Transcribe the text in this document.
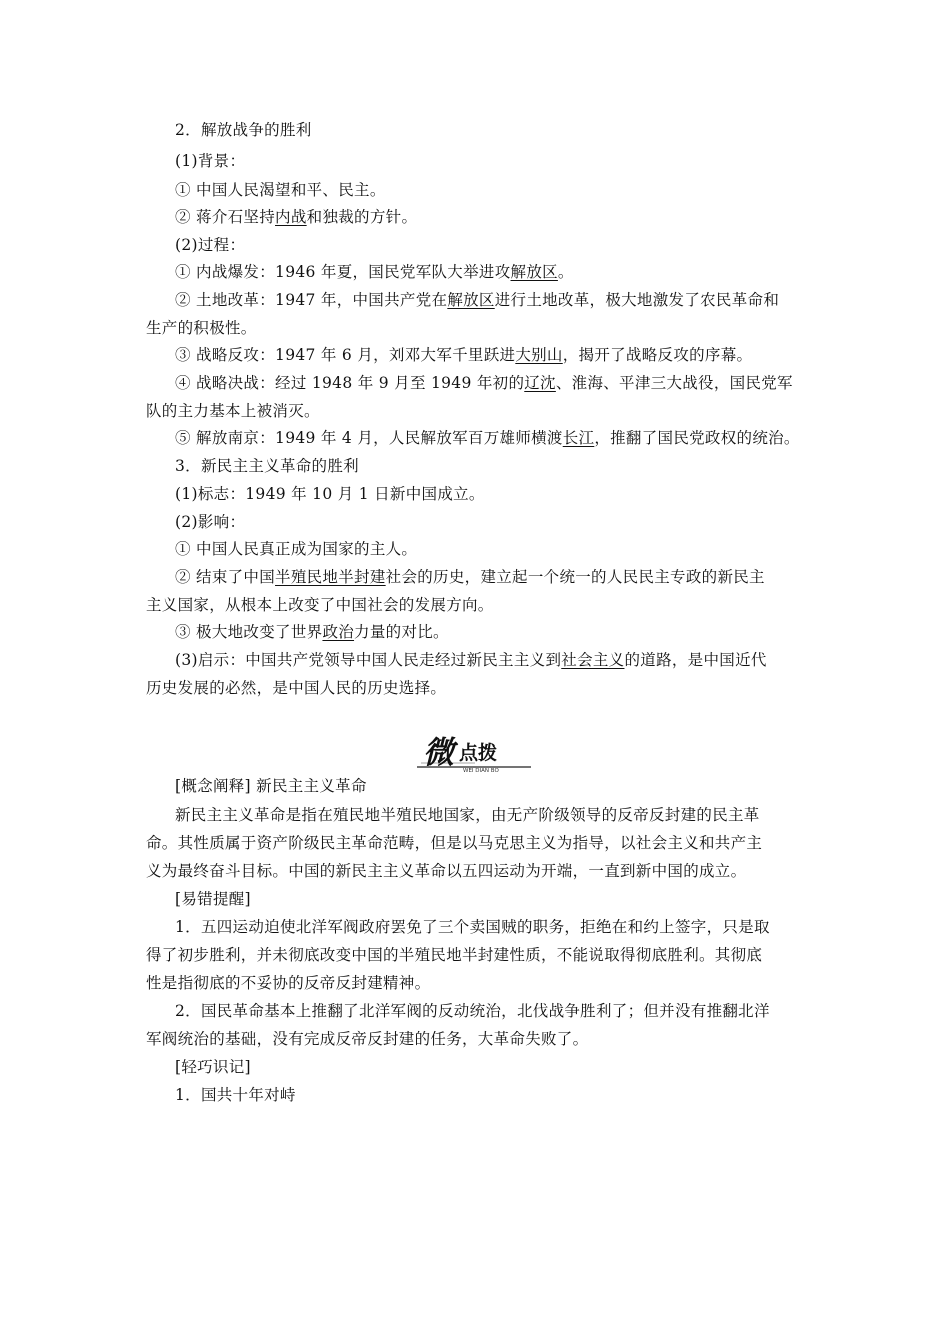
2．解放战争的胜利
(1)背景：
① 中国人民渴望和平、民主。
② 蒋介石坚持内战和独裁的方针。
(2)过程：
① 内战爆发：1946 年夏，国民党军队大举进攻解放区。
② 土地改革：1947 年，中国共产党在解放区进行土地改革，极大地激发了农民革命和
生产的积极性。
③ 战略反攻：1947 年 6 月，刘邓大军千里跃进大别山，揭开了战略反攻的序幕。
④ 战略决战：经过 1948 年 9 月至 1949 年初的辽沈、淮海、平津三大战役，国民党军
队的主力基本上被消灭。
⑤ 解放南京：1949 年 4 月，人民解放军百万雄师横渡长江，推翻了国民党政权的统治。
3．新民主主义革命的胜利
(1)标志：1949 年 10 月 1 日新中国成立。
(2)影响：
① 中国人民真正成为国家的主人。
② 结束了中国半殖民地半封建社会的历史，建立起一个统一的人民民主专政的新民主
主义国家，从根本上改变了中国社会的发展方向。
③ 极大地改变了世界政治力量的对比。
(3)启示：中国共产党领导中国人民走经过新民主主义到社会主义的道路，是中国近代
历史发展的必然，是中国人民的历史选择。
微 点拨
WEI DIAN BO
[概念阐释] 新民主主义革命
新民主主义革命是指在殖民地半殖民地国家，由无产阶级领导的反帝反封建的民主革
命。其性质属于资产阶级民主革命范畴，但是以马克思主义为指导，以社会主义和共产主
义为最终奋斗目标。中国的新民主主义革命以五四运动为开端，一直到新中国的成立。
[易错提醒]
1．五四运动迫使北洋军阀政府罢免了三个卖国贼的职务，拒绝在和约上签字，只是取
得了初步胜利，并未彻底改变中国的半殖民地半封建性质，不能说取得彻底胜利。其彻底
性是指彻底的不妥协的反帝反封建精神。
2．国民革命基本上推翻了北洋军阀的反动统治，北伐战争胜利了；但并没有推翻北洋
军阀统治的基础，没有完成反帝反封建的任务，大革命失败了。
[轻巧识记]
1．国共十年对峙
